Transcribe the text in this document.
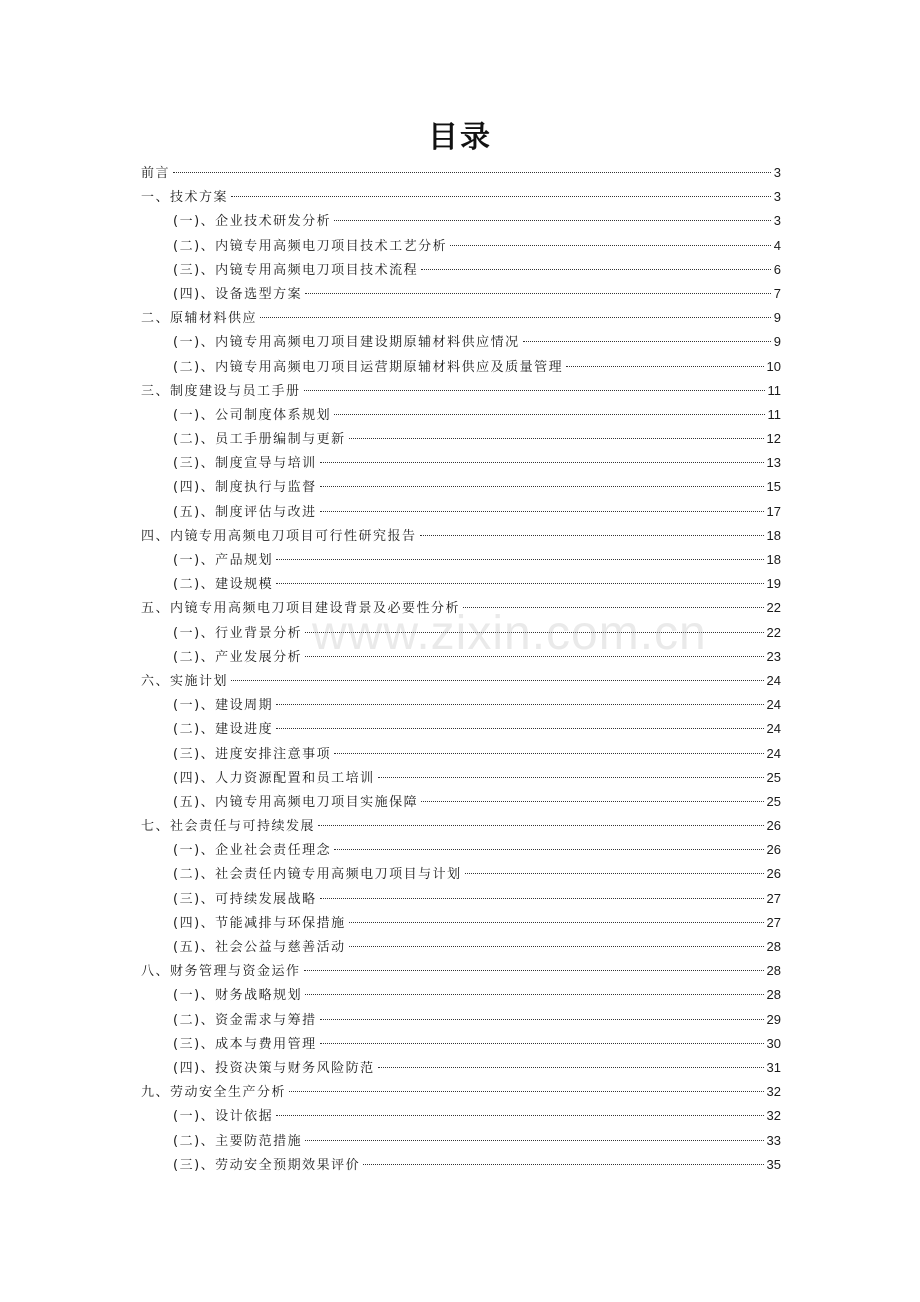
目录
前言	3
一、技术方案	3
(一)、企业技术研发分析	3
(二)、内镜专用高频电刀项目技术工艺分析	4
(三)、内镜专用高频电刀项目技术流程	6
(四)、设备选型方案	7
二、原辅材料供应	9
(一)、内镜专用高频电刀项目建设期原辅材料供应情况	9
(二)、内镜专用高频电刀项目运营期原辅材料供应及质量管理	10
三、制度建设与员工手册	11
(一)、公司制度体系规划	11
(二)、员工手册编制与更新	12
(三)、制度宣导与培训	13
(四)、制度执行与监督	15
(五)、制度评估与改进	17
四、内镜专用高频电刀项目可行性研究报告	18
(一)、产品规划	18
(二)、建设规模	19
五、内镜专用高频电刀项目建设背景及必要性分析	22
(一)、行业背景分析	22
(二)、产业发展分析	23
六、实施计划	24
(一)、建设周期	24
(二)、建设进度	24
(三)、进度安排注意事项	24
(四)、人力资源配置和员工培训	25
(五)、内镜专用高频电刀项目实施保障	25
七、社会责任与可持续发展	26
(一)、企业社会责任理念	26
(二)、社会责任内镜专用高频电刀项目与计划	26
(三)、可持续发展战略	27
(四)、节能减排与环保措施	27
(五)、社会公益与慈善活动	28
八、财务管理与资金运作	28
(一)、财务战略规划	28
(二)、资金需求与筹措	29
(三)、成本与费用管理	30
(四)、投资决策与财务风险防范	31
九、劳动安全生产分析	32
(一)、设计依据	32
(二)、主要防范措施	33
(三)、劳动安全预期效果评价	35
www.zixin.com.cn
